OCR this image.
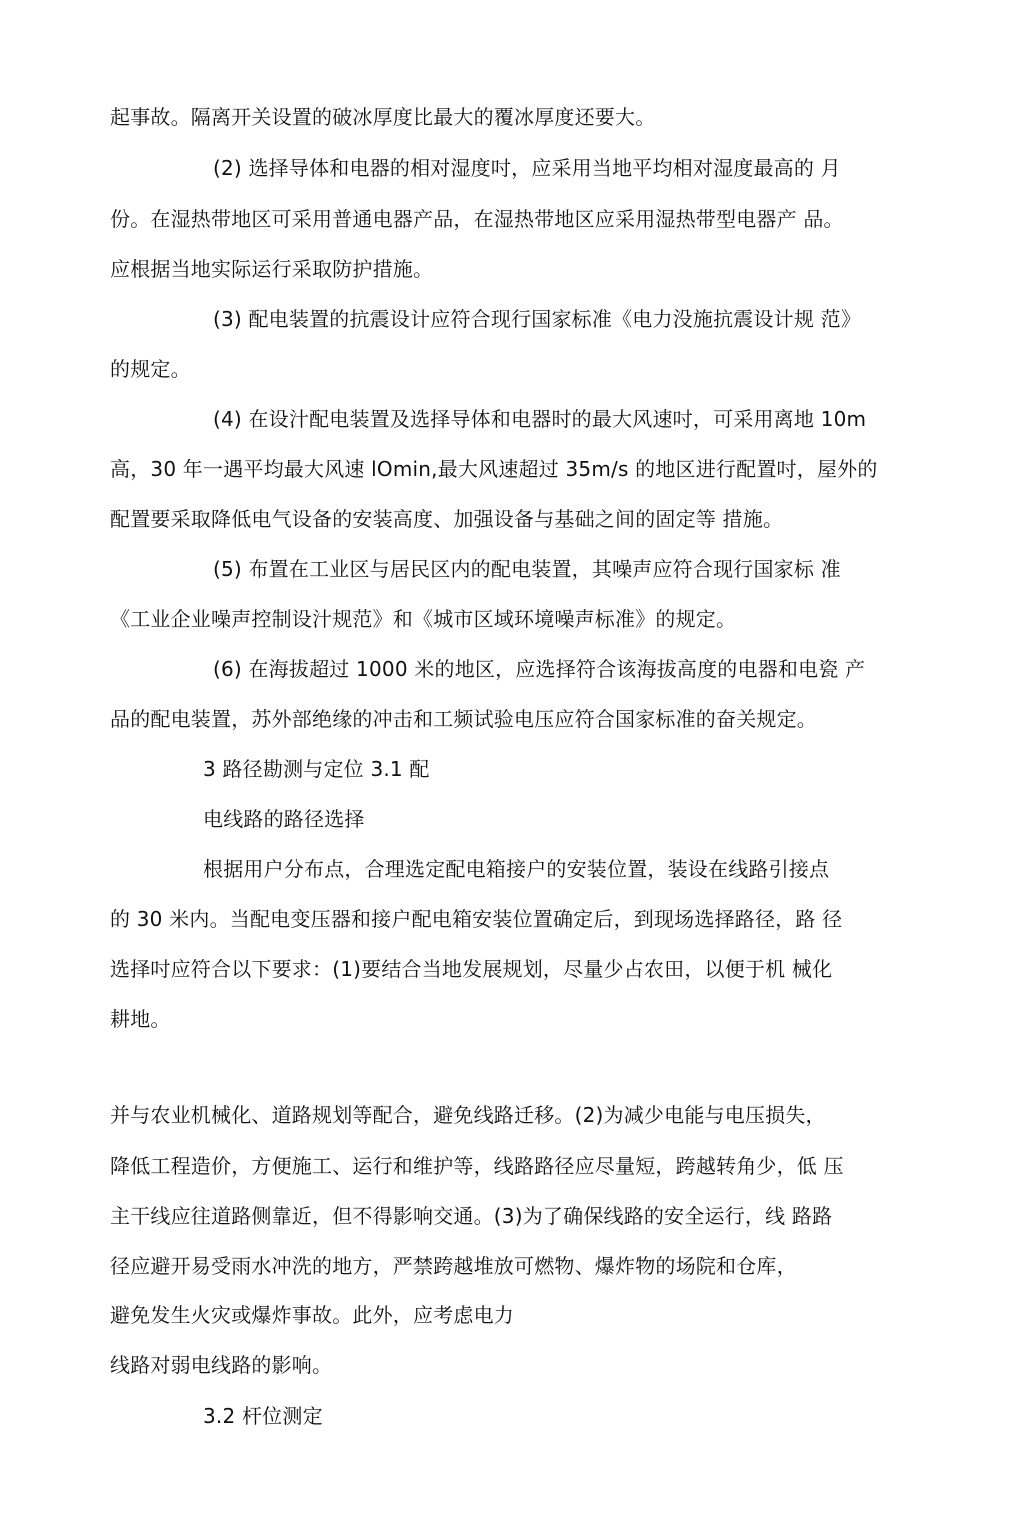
起事故。隔离开关设置的破冰厚度比最大的覆冰厚度还要大。
(2) 选择导体和电器的相对湿度吋，应采用当地平均相对湿度最高的 月
份。在湿热带地区可采用普通电器产品，在湿热带地区应采用湿热带型电器产 品。
应根据当地实际运行采取防护措施。
(3) 配电装置的抗震设计应符合现行国家标准《电力没施抗震设计规 范》
的规定。
(4) 在设汁配电装置及选择导体和电器时的最大风速吋，可采用离地 10m
高，30 年一遇平均最大风速 lOmin,最大风速超过 35m/s 的地区进行配置吋，屋外的
配置要采取降低电气设备的安装高度、加强设备与基础之间的固定等 措施。
(5) 布置在工业区与居民区内的配电装置，其噪声应符合现行国家标 准
《工业企业噪声控制设汁规范》和《城市区域环境噪声标准》的规定。
(6) 在海拔超过 1000 米的地区，应选择符合该海拔高度的电器和电瓷 产
品的配电装置，苏外部绝缘的冲击和工频试验电压应符合国家标准的奋关规定。
3 路径勘测与定位 3.1 配
电线路的路径选择
根据用户分布点，合理选定配电箱接户的安装位置，装设在线路引接点
的 30 米内。当配电变压器和接户配电箱安装位置确定后，到现场选择路径，路 径
选择吋应符合以下要求：(1)要结合当地发展规划，尽量少占农田，以便于机 械化
耕地。
并与农业机械化、道路规划等配合，避免线路迁移。(2)为减少电能与电压损失，
降低工程造价，方便施工、运行和维护等，线路路径应尽量短，跨越转角少，低 压
主干线应往道路侧靠近，但不得影响交通。(3)为了确保线路的安全运行，线 路路
径应避开易受雨水冲洗的地方，严禁跨越堆放可燃物、爆炸物的场院和仓库，
避免发生火灾或爆炸事故。此外，应考虑电力
线路对弱电线路的影响。
3.2 杆位测定
